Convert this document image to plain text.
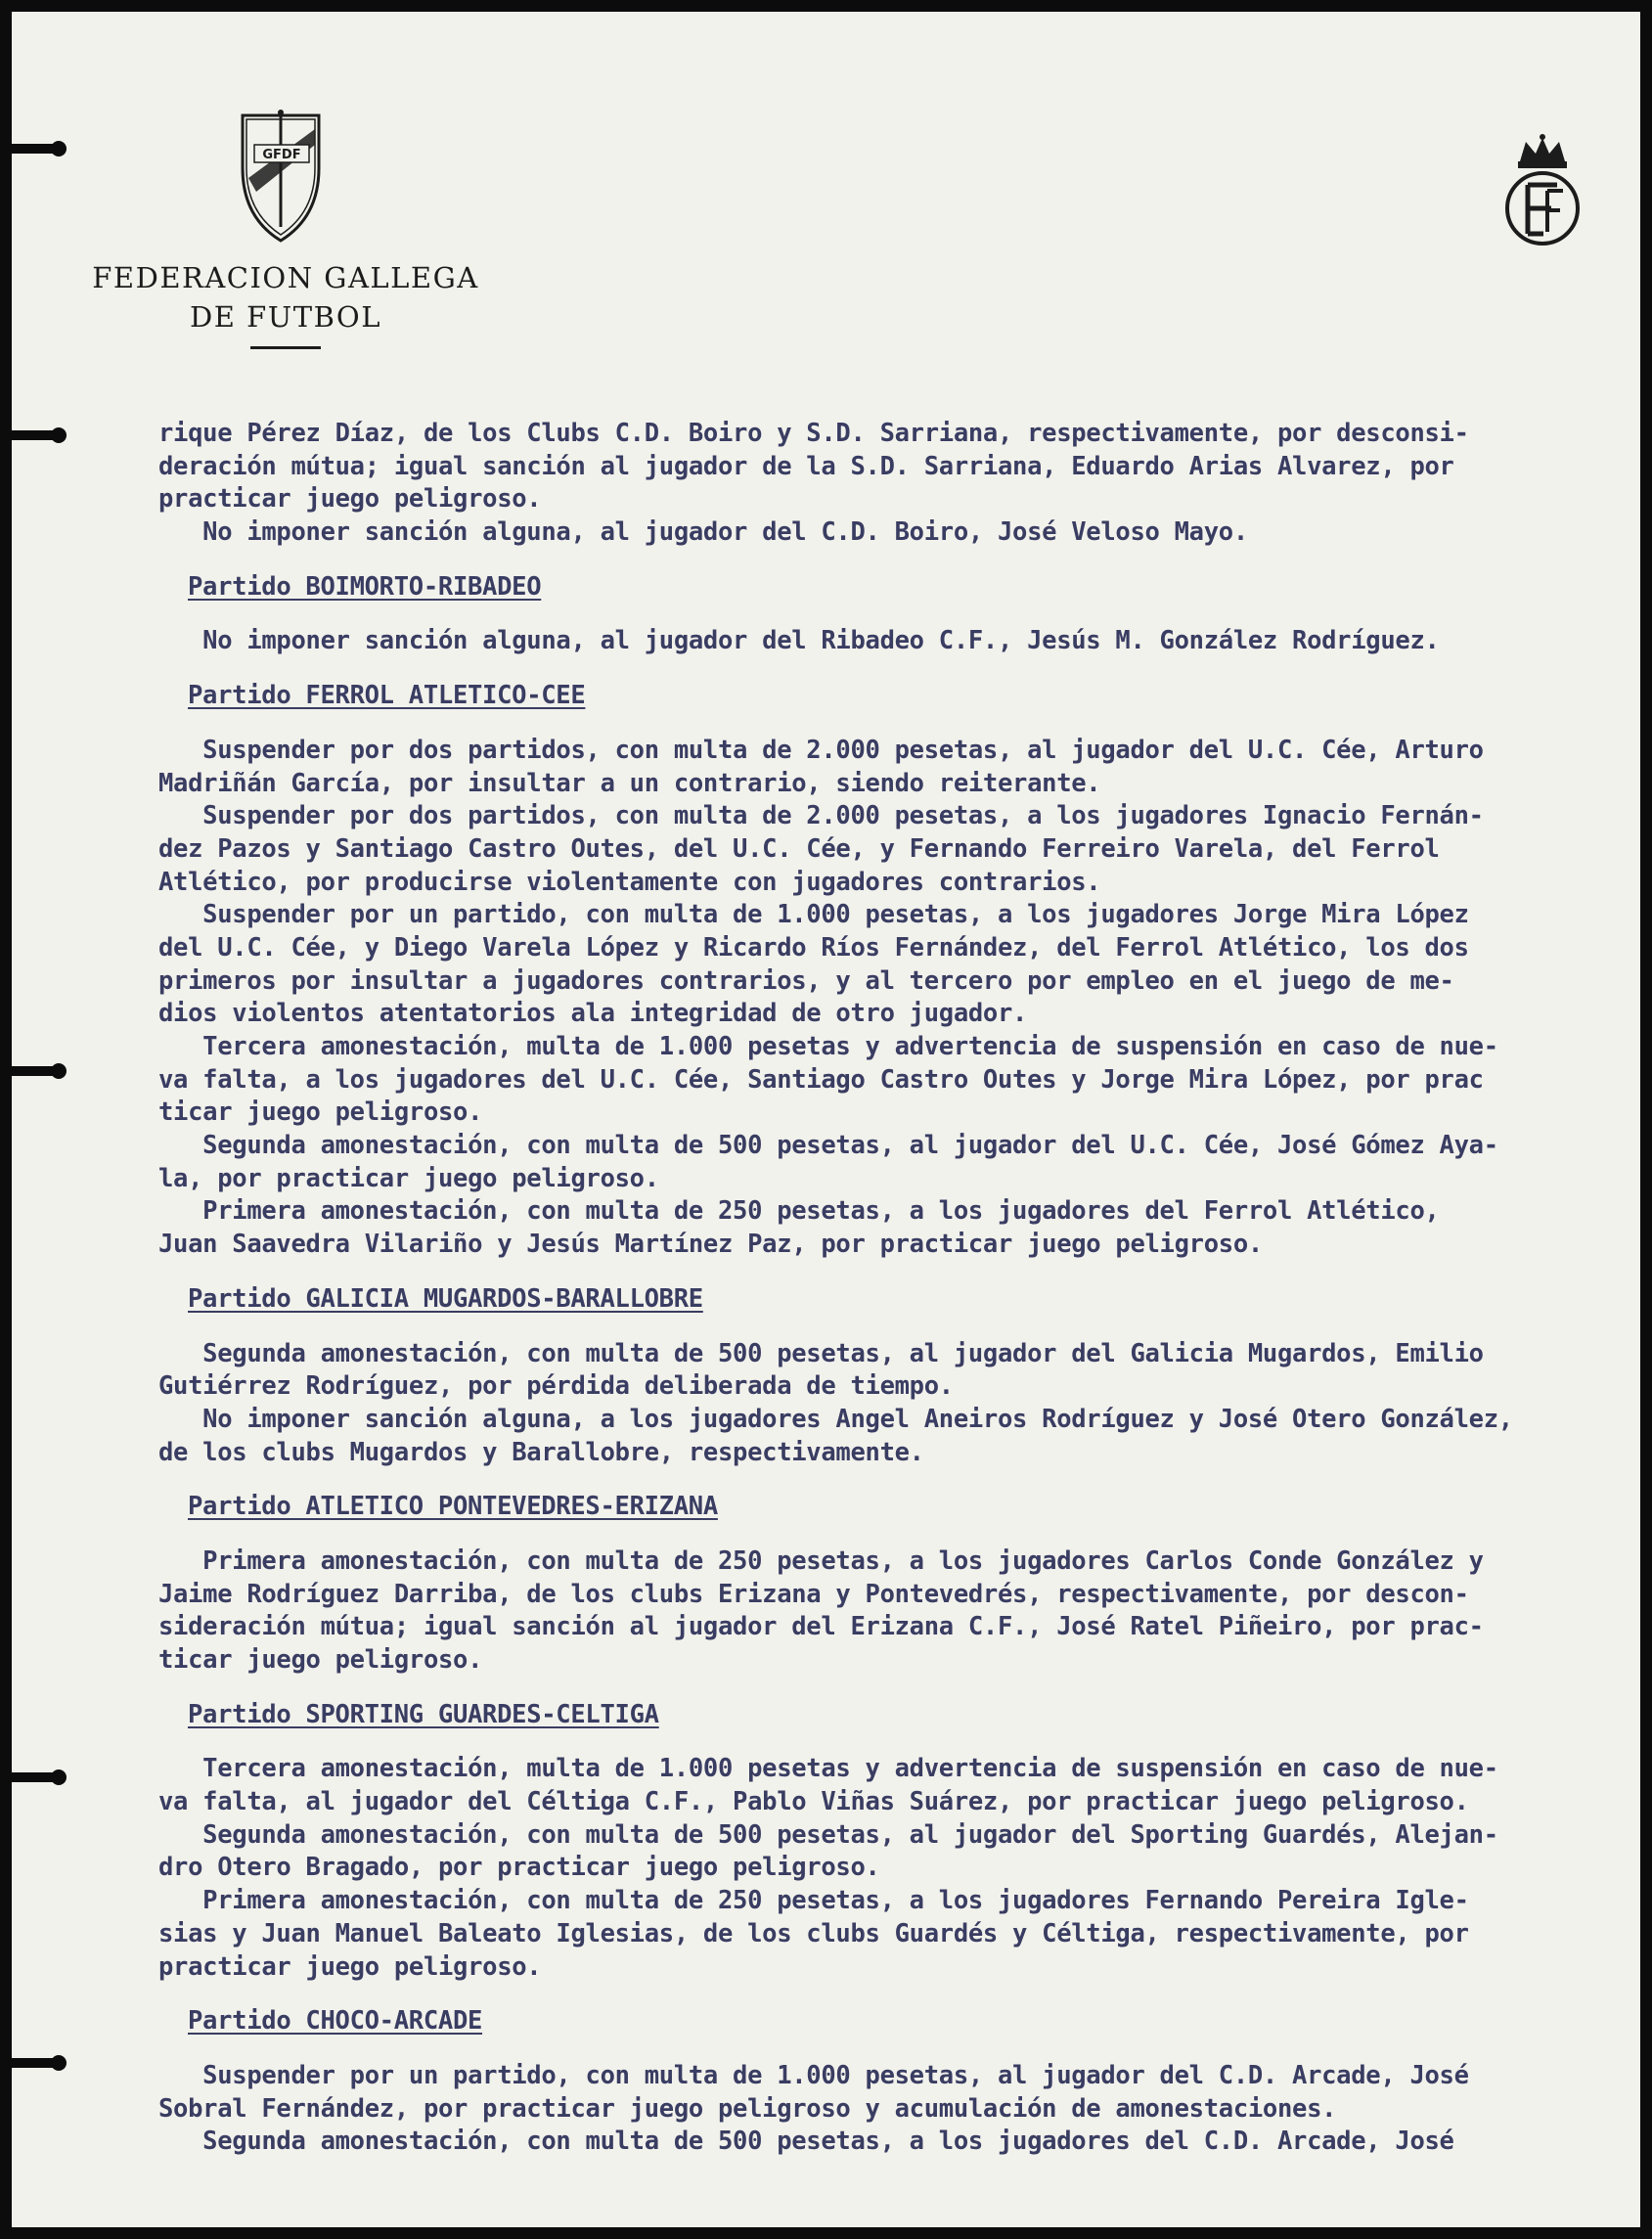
GFDF
FEDERACION GALLEGA
DE FUTBOL
rique Pérez Díaz, de los Clubs C.D. Boiro y S.D. Sarriana, respectivamente, por desconsi-
deración mútua; igual sanción al jugador de la S.D. Sarriana, Eduardo Arias Alvarez, por
practicar juego peligroso.
No imponer sanción alguna, al jugador del C.D. Boiro, José Veloso Mayo.
Partido BOIMORTO-RIBADEO
No imponer sanción alguna, al jugador del Ribadeo C.F., Jesús M. González Rodríguez.
Partido FERROL ATLETICO-CEE
Suspender por dos partidos, con multa de 2.000 pesetas, al jugador del U.C. Cée, Arturo
Madriñán García, por insultar a un contrario, siendo reiterante.
Suspender por dos partidos, con multa de 2.000 pesetas, a los jugadores Ignacio Fernán-
dez Pazos y Santiago Castro Outes, del U.C. Cée, y Fernando Ferreiro Varela, del Ferrol
Atlético, por producirse violentamente con jugadores contrarios.
Suspender por un partido, con multa de 1.000 pesetas, a los jugadores Jorge Mira López
del U.C. Cée, y Diego Varela López y Ricardo Ríos Fernández, del Ferrol Atlético, los dos
primeros por insultar a jugadores contrarios, y al tercero por empleo en el juego de me-
dios violentos atentatorios ala integridad de otro jugador.
Tercera amonestación, multa de 1.000 pesetas y advertencia de suspensión en caso de nue-
va falta, a los jugadores del U.C. Cée, Santiago Castro Outes y Jorge Mira López, por prac
ticar juego peligroso.
Segunda amonestación, con multa de 500 pesetas, al jugador del U.C. Cée, José Gómez Aya-
la, por practicar juego peligroso.
Primera amonestación, con multa de 250 pesetas, a los jugadores del Ferrol Atlético,
Juan Saavedra Vilariño y Jesús Martínez Paz, por practicar juego peligroso.
Partido GALICIA MUGARDOS-BARALLOBRE
Segunda amonestación, con multa de 500 pesetas, al jugador del Galicia Mugardos, Emilio
Gutiérrez Rodríguez, por pérdida deliberada de tiempo.
No imponer sanción alguna, a los jugadores Angel Aneiros Rodríguez y José Otero González,
de los clubs Mugardos y Barallobre, respectivamente.
Partido ATLETICO PONTEVEDRES-ERIZANA
Primera amonestación, con multa de 250 pesetas, a los jugadores Carlos Conde González y
Jaime Rodríguez Darriba, de los clubs Erizana y Pontevedrés, respectivamente, por descon-
sideración mútua; igual sanción al jugador del Erizana C.F., José Ratel Piñeiro, por prac-
ticar juego peligroso.
Partido SPORTING GUARDES-CELTIGA
Tercera amonestación, multa de 1.000 pesetas y advertencia de suspensión en caso de nue-
va falta, al jugador del Céltiga C.F., Pablo Viñas Suárez, por practicar juego peligroso.
Segunda amonestación, con multa de 500 pesetas, al jugador del Sporting Guardés, Alejan-
dro Otero Bragado, por practicar juego peligroso.
Primera amonestación, con multa de 250 pesetas, a los jugadores Fernando Pereira Igle-
sias y Juan Manuel Baleato Iglesias, de los clubs Guardés y Céltiga, respectivamente, por
practicar juego peligroso.
Partido CHOCO-ARCADE
Suspender por un partido, con multa de 1.000 pesetas, al jugador del C.D. Arcade, José
Sobral Fernández, por practicar juego peligroso y acumulación de amonestaciones.
Segunda amonestación, con multa de 500 pesetas, a los jugadores del C.D. Arcade, José
